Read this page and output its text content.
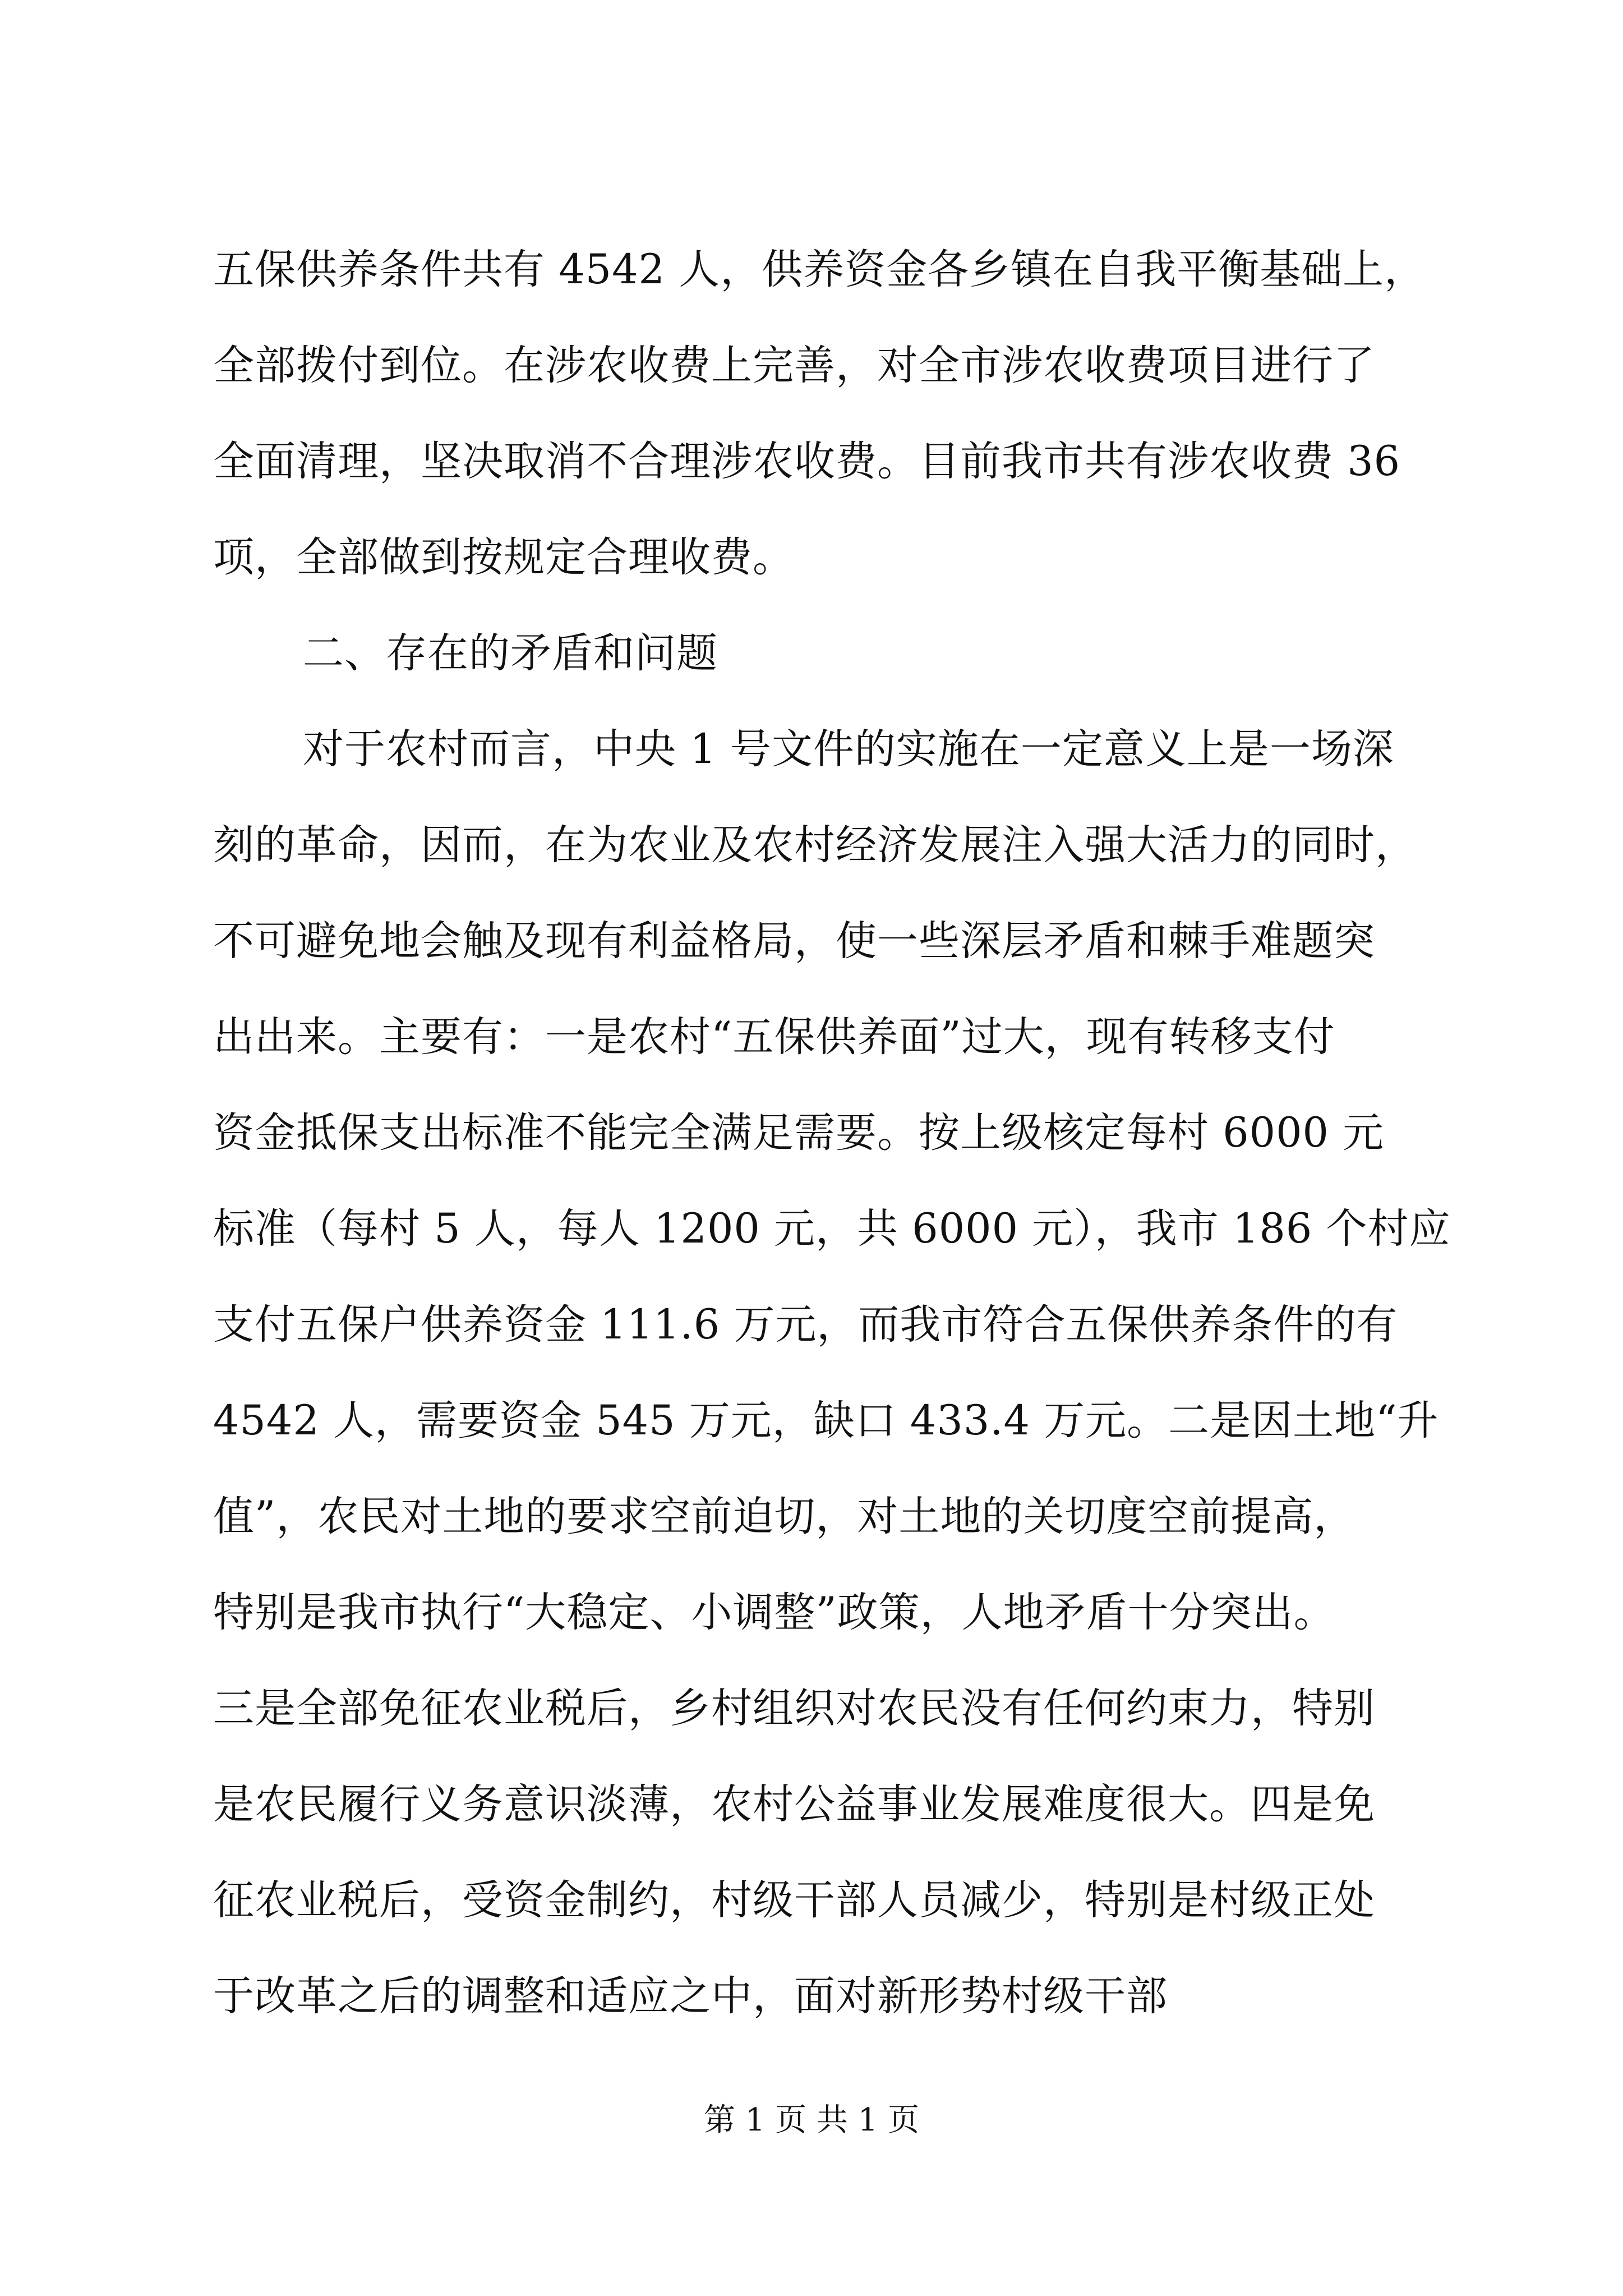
五保供养条件共有 4542 人，供养资金各乡镇在自我平衡基础上，
全部拨付到位。在涉农收费上完善，对全市涉农收费项目进行了
全面清理，坚决取消不合理涉农收费。目前我市共有涉农收费 36
项，全部做到按规定合理收费。
二、存在的矛盾和问题
对于农村而言，中央 1 号文件的实施在一定意义上是一场深
刻的革命，因而，在为农业及农村经济发展注入强大活力的同时，
不可避免地会触及现有利益格局，使一些深层矛盾和棘手难题突
出出来。主要有：一是农村“五保供养面”过大，现有转移支付
资金抵保支出标准不能完全满足需要。按上级核定每村 6000 元
标准（每村 5 人，每人 1200 元，共 6000 元），我市 186 个村应
支付五保户供养资金 111.6 万元，而我市符合五保供养条件的有
4542 人，需要资金 545 万元，缺口 433.4 万元。二是因土地“升
值”，农民对土地的要求空前迫切，对土地的关切度空前提高，
特别是我市执行“大稳定、小调整”政策，人地矛盾十分突出。
三是全部免征农业税后，乡村组织对农民没有任何约束力，特别
是农民履行义务意识淡薄，农村公益事业发展难度很大。四是免
征农业税后，受资金制约，村级干部人员减少，特别是村级正处
于改革之后的调整和适应之中，面对新形势村级干部
第 1 页 共 1 页
